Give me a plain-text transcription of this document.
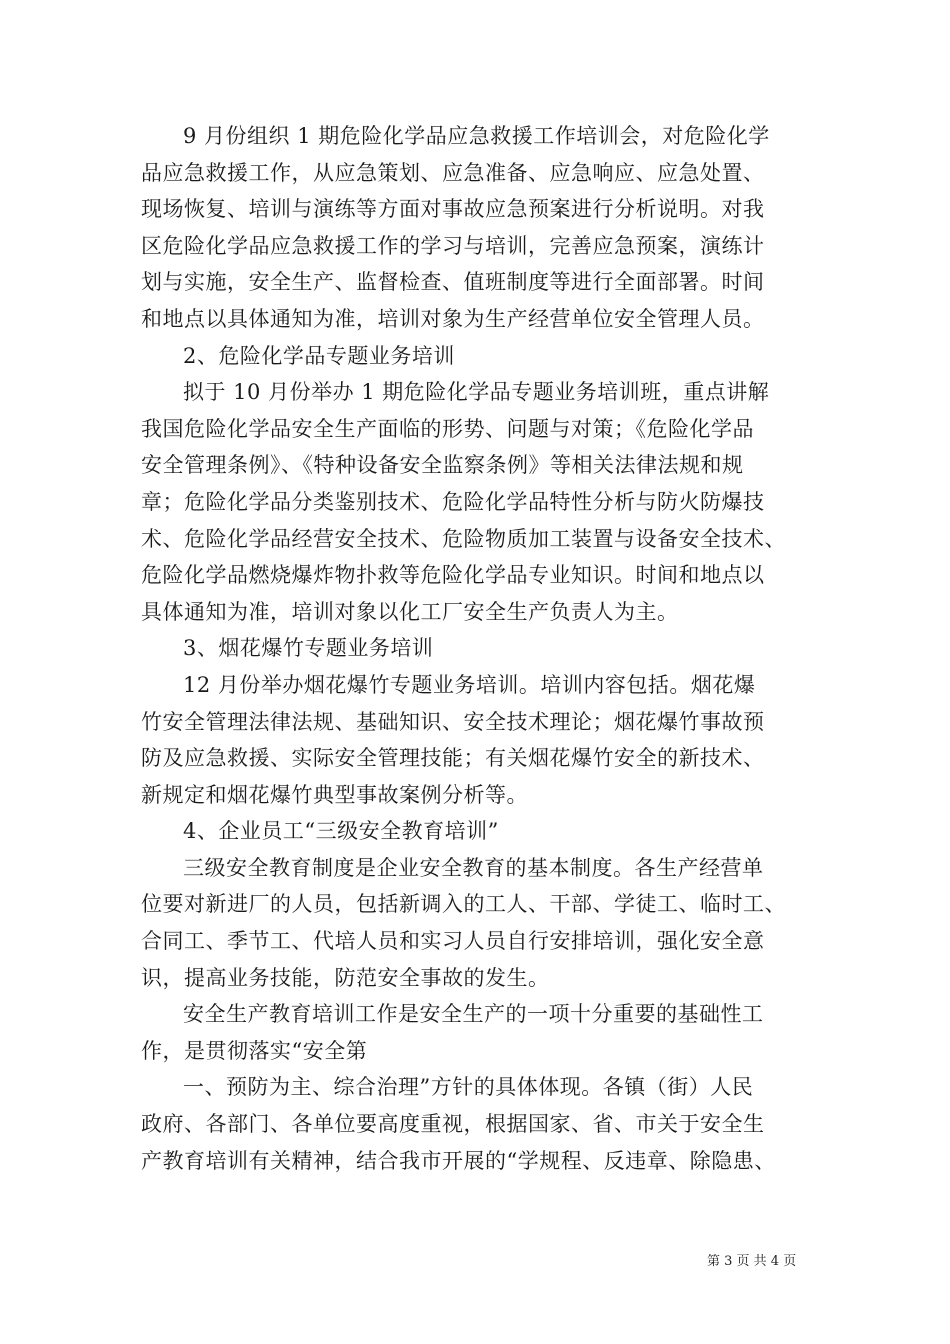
9 月份组织 1 期危险化学品应急救援工作培训会，对危险化学
品应急救援工作，从应急策划、应急准备、应急响应、应急处置、
现场恢复、培训与演练等方面对事故应急预案进行分析说明。对我
区危险化学品应急救援工作的学习与培训，完善应急预案，演练计
划与实施，安全生产、监督检查、值班制度等进行全面部署。时间
和地点以具体通知为准，培训对象为生产经营单位安全管理人员。
2、危险化学品专题业务培训
拟于 10 月份举办 1 期危险化学品专题业务培训班，重点讲解
我国危险化学品安全生产面临的形势、问题与对策；《危险化学品
安全管理条例》、《特种设备安全监察条例》等相关法律法规和规
章；危险化学品分类鉴别技术、危险化学品特性分析与防火防爆技
术、危险化学品经营安全技术、危险物质加工装置与设备安全技术、
危险化学品燃烧爆炸物扑救等危险化学品专业知识。时间和地点以
具体通知为准，培训对象以化工厂安全生产负责人为主。
3、烟花爆竹专题业务培训
12 月份举办烟花爆竹专题业务培训。培训内容包括。烟花爆
竹安全管理法律法规、基础知识、安全技术理论；烟花爆竹事故预
防及应急救援、实际安全管理技能；有关烟花爆竹安全的新技术、
新规定和烟花爆竹典型事故案例分析等。
4、企业员工“三级安全教育培训”
三级安全教育制度是企业安全教育的基本制度。各生产经营单
位要对新进厂的人员，包括新调入的工人、干部、学徒工、临时工、
合同工、季节工、代培人员和实习人员自行安排培训，强化安全意
识，提高业务技能，防范安全事故的发生。
安全生产教育培训工作是安全生产的一项十分重要的基础性工
作，是贯彻落实“安全第
一、预防为主、综合治理”方针的具体体现。各镇（街）人民
政府、各部门、各单位要高度重视，根据国家、省、市关于安全生
产教育培训有关精神，结合我市开展的“学规程、反违章、除隐患、
第 3 页 共 4 页
